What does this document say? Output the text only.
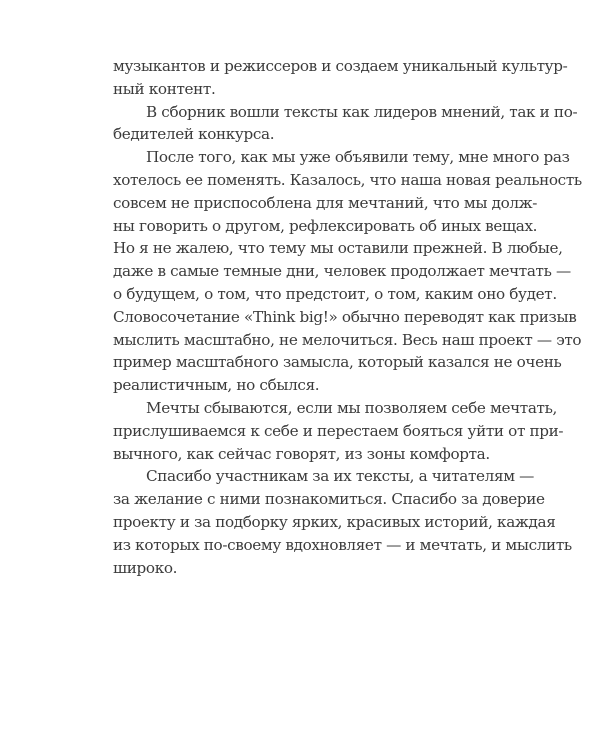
музыкантов и режиссеров и создаем уникальный культур-
ный контент.
В сборник вошли тексты как лидеров мнений, так и по-
бедителей конкурса.
После того, как мы уже объявили тему, мне много раз
хотелось ее поменять. Казалось, что наша новая реальность
совсем не приспособлена для мечтаний, что мы долж-
ны говорить о другом, рефлексировать об иных вещах.
Но я не жалею, что тему мы оставили прежней. В любые,
даже в самые темные дни, человек продолжает мечтать —
о будущем, о том, что предстоит, о том, каким оно будет.
Словосочетание «Think big!» обычно переводят как призыв
мыслить масштабно, не мелочиться. Весь наш проект — это
пример масштабного замысла, который казался не очень
реалистичным, но сбылся.
Мечты сбываются, если мы позволяем себе мечтать,
прислушиваемся к себе и перестаем бояться уйти от при-
вычного, как сейчас говорят, из зоны комфорта.
Спасибо участникам за их тексты, а читателям —
за желание с ними познакомиться. Спасибо за доверие
проекту и за подборку ярких, красивых историй, каждая
из которых по-своему вдохновляет — и мечтать, и мыслить
широко.
